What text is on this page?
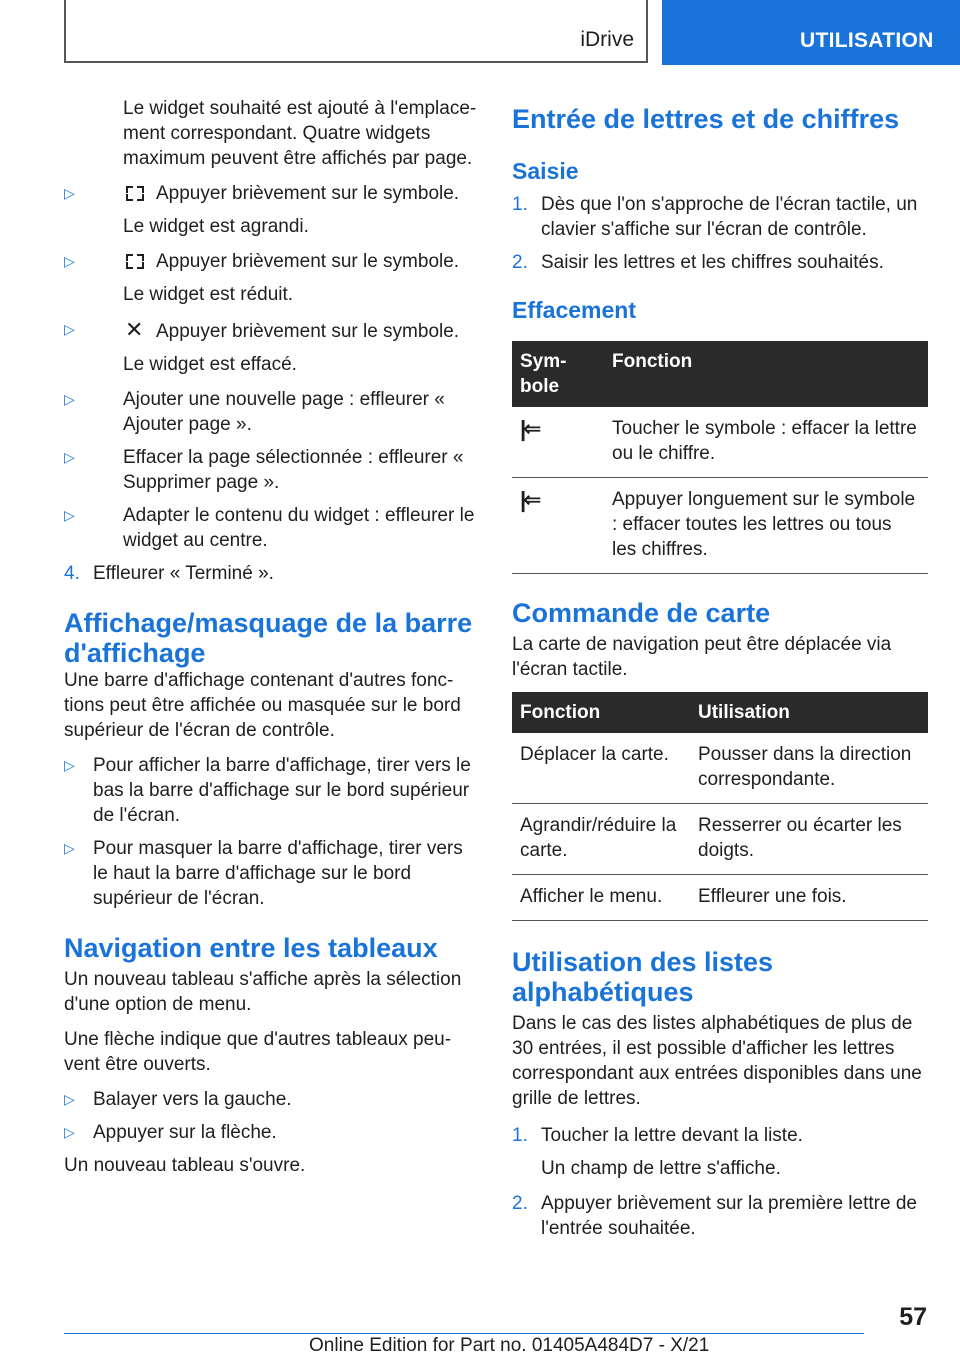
iDrive	UTILISATION

Le widget souhaité est ajouté à l'emplacement correspondant. Quatre widgets maximum peuvent être affichés par page.

▷	Appuyer brièvement sur le symbole.
Le widget est agrandi.
▷	Appuyer brièvement sur le symbole.
Le widget est réduit.
▷	✕ Appuyer brièvement sur le symbole.
Le widget est effacé.
▷	Ajouter une nouvelle page : effleurer « Ajouter page ».
▷	Effacer la page sélectionnée : effleurer « Supprimer page ».
▷	Adapter le contenu du widget : effleurer le widget au centre.
4. Effleurer « Terminé ».
Affichage/masquage de la barre d'affichage

Une barre d'affichage contenant d'autres fonctions peut être affichée ou masquée sur le bord supérieur de l'écran de contrôle.

▷ Pour afficher la barre d'affichage, tirer vers le bas la barre d'affichage sur le bord supérieur de l'écran.
▷ Pour masquer la barre d'affichage, tirer vers le haut la barre d'affichage sur le bord supérieur de l'écran.
Navigation entre les tableaux

Un nouveau tableau s'affiche après la sélection d'une option de menu.

Une flèche indique que d'autres tableaux peuvent être ouverts.

▷ Balayer vers la gauche.
▷ Appuyer sur la flèche.

Un nouveau tableau s'ouvre.

Entrée de lettres et de chiffres
Saisie
1. Dès que l'on s'approche de l'écran tactile, un clavier s'affiche sur l'écran de contrôle.
2. Saisir les lettres et les chiffres souhaités.
Effacement
Symbole	Fonction
|⇐	Toucher le symbole : effacer la lettre ou le chiffre.
|⇐	Appuyer longuement sur le symbole : effacer toutes les lettres ou tous les chiffres.
Commande de carte

La carte de navigation peut être déplacée via l'écran tactile.

Fonction	Utilisation
Déplacer la carte.	Pousser dans la direction correspondante.
Agrandir/réduire la carte.	Resserrer ou écarter les doigts.
Afficher le menu.	Effleurer une fois.
Utilisation des listes alphabétiques

Dans le cas des listes alphabétiques de plus de 30 entrées, il est possible d'afficher les lettres correspondant aux entrées disponibles dans une grille de lettres.

1. Toucher la lettre devant la liste.
Un champ de lettre s'affiche.
2. Appuyer brièvement sur la première lettre de l'entrée souhaitée.
57
Online Edition for Part no. 01405A484D7 - X/21
